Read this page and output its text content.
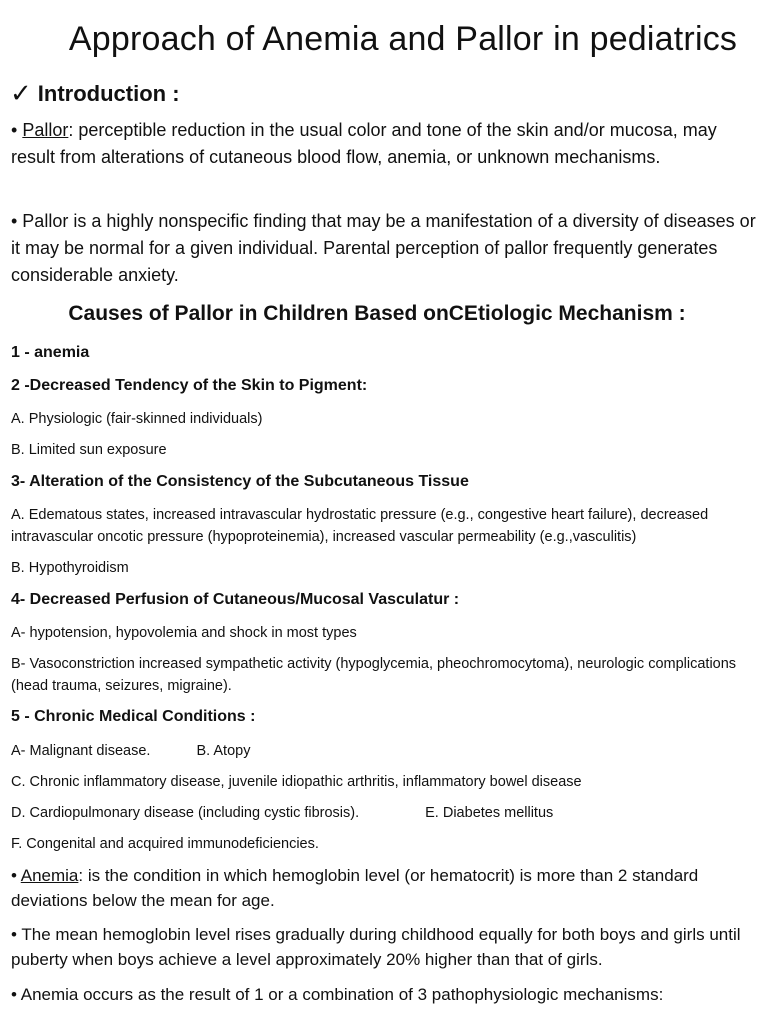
Approach of Anemia and Pallor in pediatrics
✓ Introduction :

• Pallor: perceptible reduction in the usual color and tone of the skin and/or mucosa, may result from alterations of cutaneous blood flow, anemia, or unknown mechanisms.

• Pallor is a highly nonspecific finding that may be a manifestation of a diversity of diseases or it may be normal for a given individual. Parental perception of pallor frequently generates considerable anxiety.

Causes of Pallor in Children Based onCEtiologic Mechanism :
1 - anemia
2 -Decreased Tendency of the Skin to Pigment:
A. Physiologic (fair-skinned individuals)
B. Limited sun exposure
3- Alteration of the Consistency of the Subcutaneous Tissue
A. Edematous states, increased intravascular hydrostatic pressure (e.g., congestive heart failure), decreased intravascular oncotic pressure (hypoproteinemia), increased vascular permeability (e.g.,vasculitis)
B. Hypothyroidism
4- Decreased Perfusion of Cutaneous/Mucosal Vasculatur :
A- hypotension, hypovolemia and shock in most types
B- Vasoconstriction increased sympathetic activity (hypoglycemia, pheochromocytoma), neurologic complications (head trauma, seizures, migraine).
5 - Chronic Medical Conditions :
A- Malignant disease.	B. Atopy
C. Chronic inflammatory disease, juvenile idiopathic arthritis, inflammatory bowel disease
D. Cardiopulmonary disease (including cystic fibrosis).	E. Diabetes mellitus
F. Congenital and acquired immunodeficiencies.

• Anemia: is the condition in which hemoglobin level (or hematocrit) is more than 2 standard deviations below the mean for age.

• The mean hemoglobin level rises gradually during childhood equally for both boys and girls until puberty when boys achieve a level approximately 20% higher than that of girls.

• Anemia occurs as the result of 1 or a combination of 3 pathophysiologic mechanisms:
